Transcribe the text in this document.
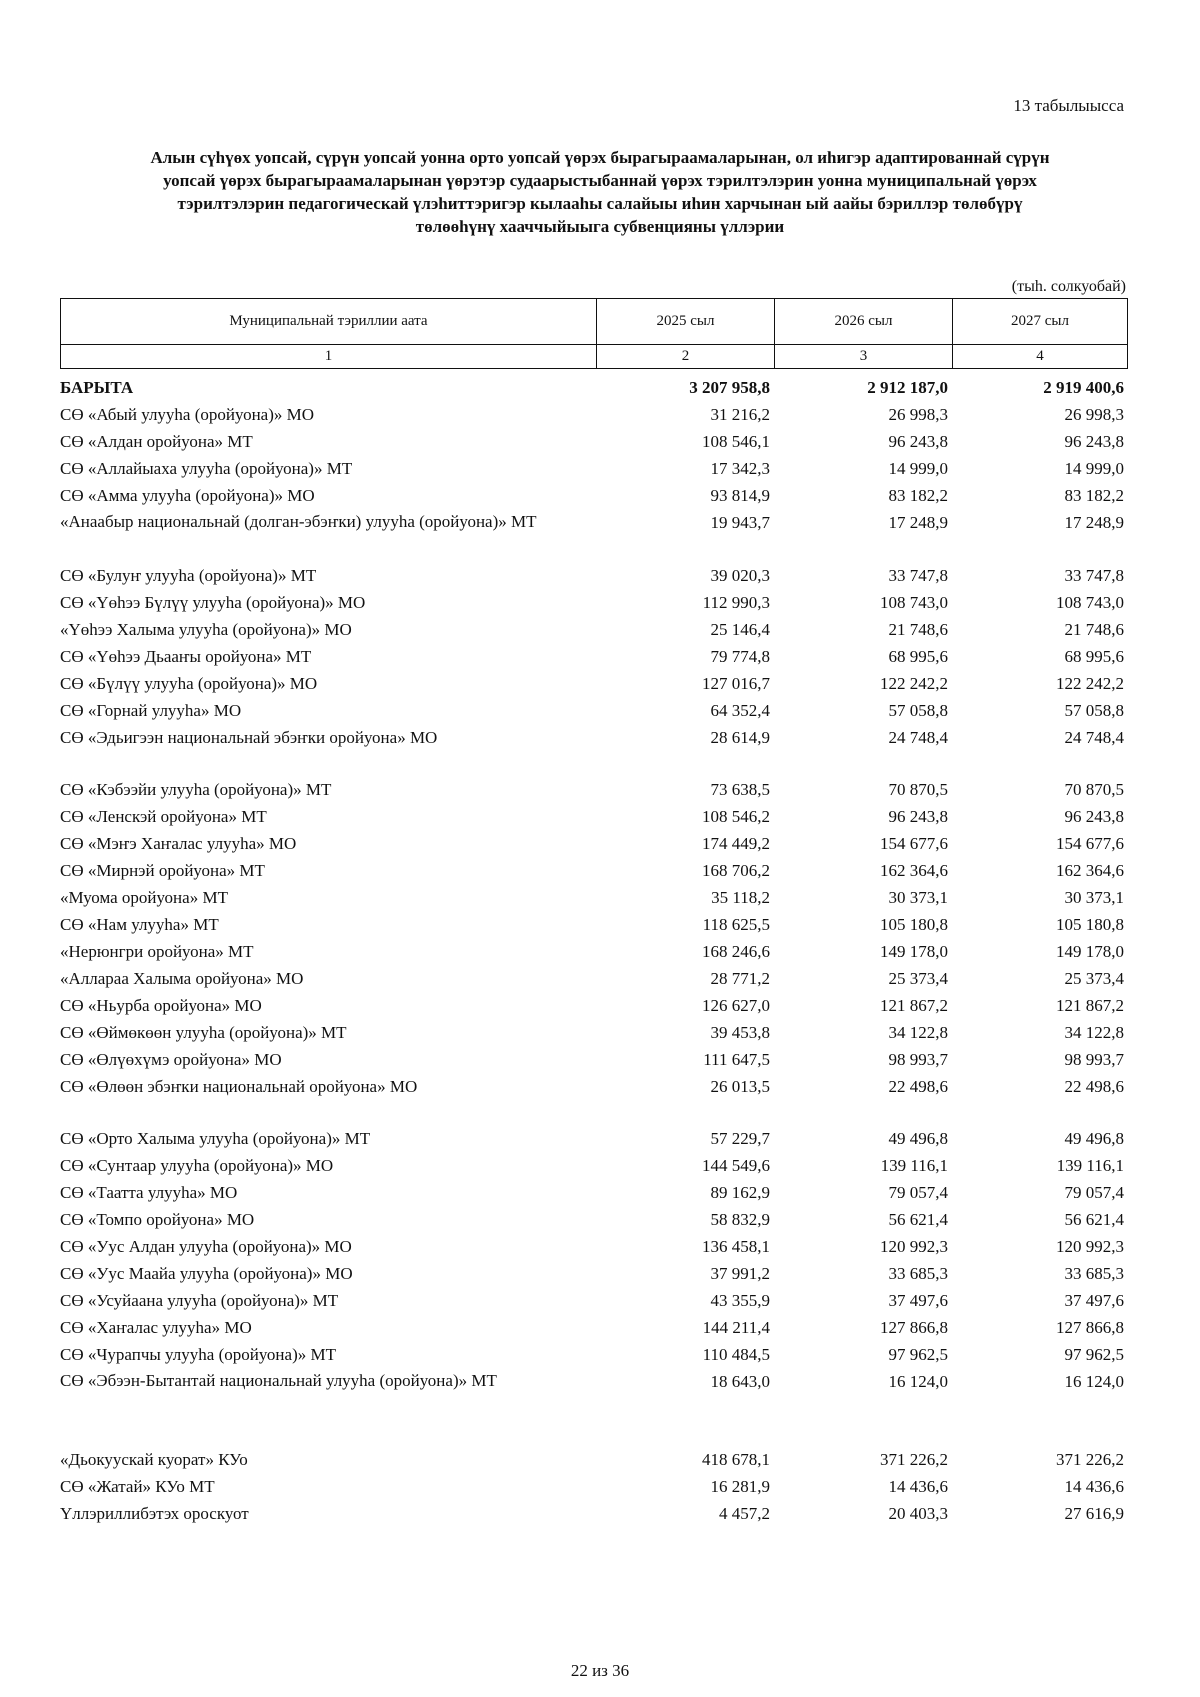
13 табылыысса
Алын сүһүөх уопсай, сүрүн уопсай уонна орто уопсай үөрэх бырагыраамаларынан, ол иһигэр адаптированнай сүрүн
уопсай үөрэх бырагыраамаларынан үөрэтэр судаарыстыбаннай үөрэх тэрилтэлэрин уонна муниципальнай үөрэх
тэрилтэлэрин педагогическай үлэһиттэригэр кылааһы салайыы иһин харчынан ый аайы бэриллэр төлөбүрү
төлөөһүнү хааччыйыыга субвенцияны үллэрии
(тыһ. солкуобай)
Муниципальнай тэриллии аата	2025 сыл	2026 сыл	2027 сыл
1	2	3	4
БАРЫТА	3 207 958,8	2 912 187,0	2 919 400,6
СӨ «Абый улууһа (оройуона)» МО	31 216,2	26 998,3	26 998,3
СӨ «Алдан оройуона» МТ	108 546,1	96 243,8	96 243,8
СӨ «Аллайыаха улууһа (оройуона)» МТ	17 342,3	14 999,0	14 999,0
СӨ «Амма улууһа (оройуона)» МО	93 814,9	83 182,2	83 182,2
«Анаабыр национальнай (долган-эбэҥки) улууһа (оройуона)» МТ	19 943,7	17 248,9	17 248,9
СӨ «Булуҥ улууһа (оройуона)» МТ	39 020,3	33 747,8	33 747,8
СӨ «Үөһээ Бүлүү улууһа (оройуона)» МО	112 990,3	108 743,0	108 743,0
«Үөһээ Халыма улууһа (оройуона)» МО	25 146,4	21 748,6	21 748,6
СӨ «Үөһээ Дьааҥы оройуона» МТ	79 774,8	68 995,6	68 995,6
СӨ «Бүлүү улууһа (оройуона)» МО	127 016,7	122 242,2	122 242,2
СӨ «Горнай улууһа» МО	64 352,4	57 058,8	57 058,8
СӨ «Эдьигээн национальнай эбэҥки оройуона» МО	28 614,9	24 748,4	24 748,4
СӨ «Кэбээйи улууһа (оройуона)» МТ	73 638,5	70 870,5	70 870,5
СӨ «Ленскэй оройуона» МТ	108 546,2	96 243,8	96 243,8
СӨ «Мэҥэ Хаҥалас улууһа» МО	174 449,2	154 677,6	154 677,6
СӨ «Мирнэй оройуона» МТ	168 706,2	162 364,6	162 364,6
«Муома оройуона» МТ	35 118,2	30 373,1	30 373,1
СӨ «Нам улууһа» МТ	118 625,5	105 180,8	105 180,8
«Нерюнгри оройуона» МТ	168 246,6	149 178,0	149 178,0
«Аллараа Халыма оройуона» МО	28 771,2	25 373,4	25 373,4
СӨ «Ньурба оройуона» МО	126 627,0	121 867,2	121 867,2
СӨ «Өймөкөөн улууһа (оройуона)» МТ	39 453,8	34 122,8	34 122,8
СӨ «Өлүөхүмэ оройуона» МО	111 647,5	98 993,7	98 993,7
СӨ «Өлөөн эбэҥки национальнай оройуона» МО	26 013,5	22 498,6	22 498,6
СӨ «Орто Халыма улууһа (оройуона)» МТ	57 229,7	49 496,8	49 496,8
СӨ «Сунтаар улууһа (оройуона)» МО	144 549,6	139 116,1	139 116,1
СӨ «Таатта улууһа» МО	89 162,9	79 057,4	79 057,4
СӨ «Томпо оройуона» МО	58 832,9	56 621,4	56 621,4
СӨ «Уус Алдан улууһа (оройуона)» МО	136 458,1	120 992,3	120 992,3
СӨ «Уус Маайа улууһа (оройуона)» МО	37 991,2	33 685,3	33 685,3
СӨ «Усуйаана улууһа (оройуона)» МТ	43 355,9	37 497,6	37 497,6
СӨ «Хаҥалас улууһа» МО	144 211,4	127 866,8	127 866,8
СӨ «Чурапчы улууһа (оройуона)» МТ	110 484,5	97 962,5	97 962,5
СӨ «Эбээн-Бытантай национальнай улууһа (оройуона)» МТ	18 643,0	16 124,0	16 124,0
«Дьокуускай куорат» КУо	418 678,1	371 226,2	371 226,2
СӨ «Жатай» КУо МТ	16 281,9	14 436,6	14 436,6
Үллэриллибэтэх ороскуот	4 457,2	20 403,3	27 616,9
22 из 36
